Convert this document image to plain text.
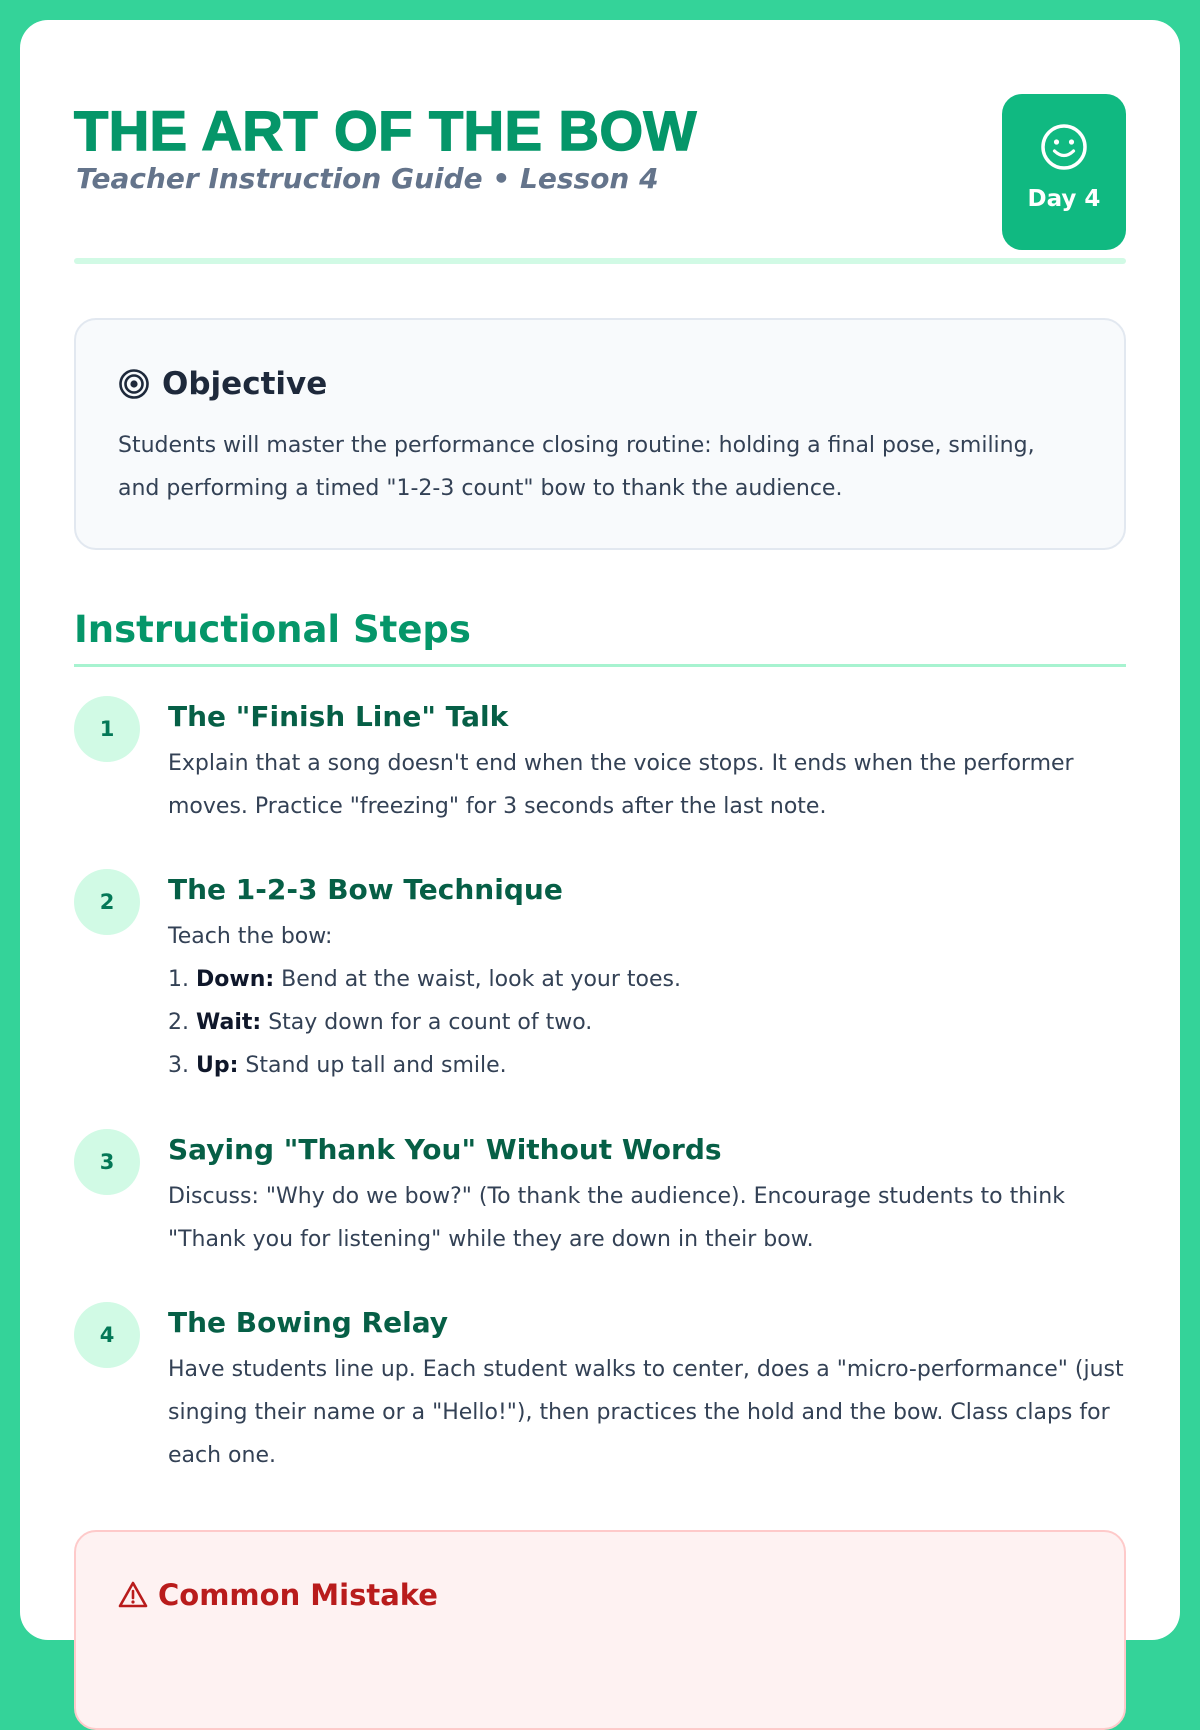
THE ART OF THE BOW
Teacher Instruction Guide • Lesson 4
Day 4
Objective
Students will master the performance closing routine: holding a final pose, smiling, and performing a timed "1-2-3 count" bow to thank the audience.
Instructional Steps
1	The "Finish Line" Talk
Explain that a song doesn't end when the voice stops. It ends when the performer moves. Practice "freezing" for 3 seconds after the last note.
2	The 1-2-3 Bow Technique
Teach the bow:
1. Down: Bend at the waist, look at your toes.
2. Wait: Stay down for a count of two.
3. Up: Stand up tall and smile.
3	Saying "Thank You" Without Words
Discuss: "Why do we bow?" (To thank the audience). Encourage students to think "Thank you for listening" while they are down in their bow.
4	The Bowing Relay
Have students line up. Each student walks to center, does a "micro-performance" (just singing their name or a "Hello!"), then practices the hold and the bow. Class claps for each one.
Common Mistake
